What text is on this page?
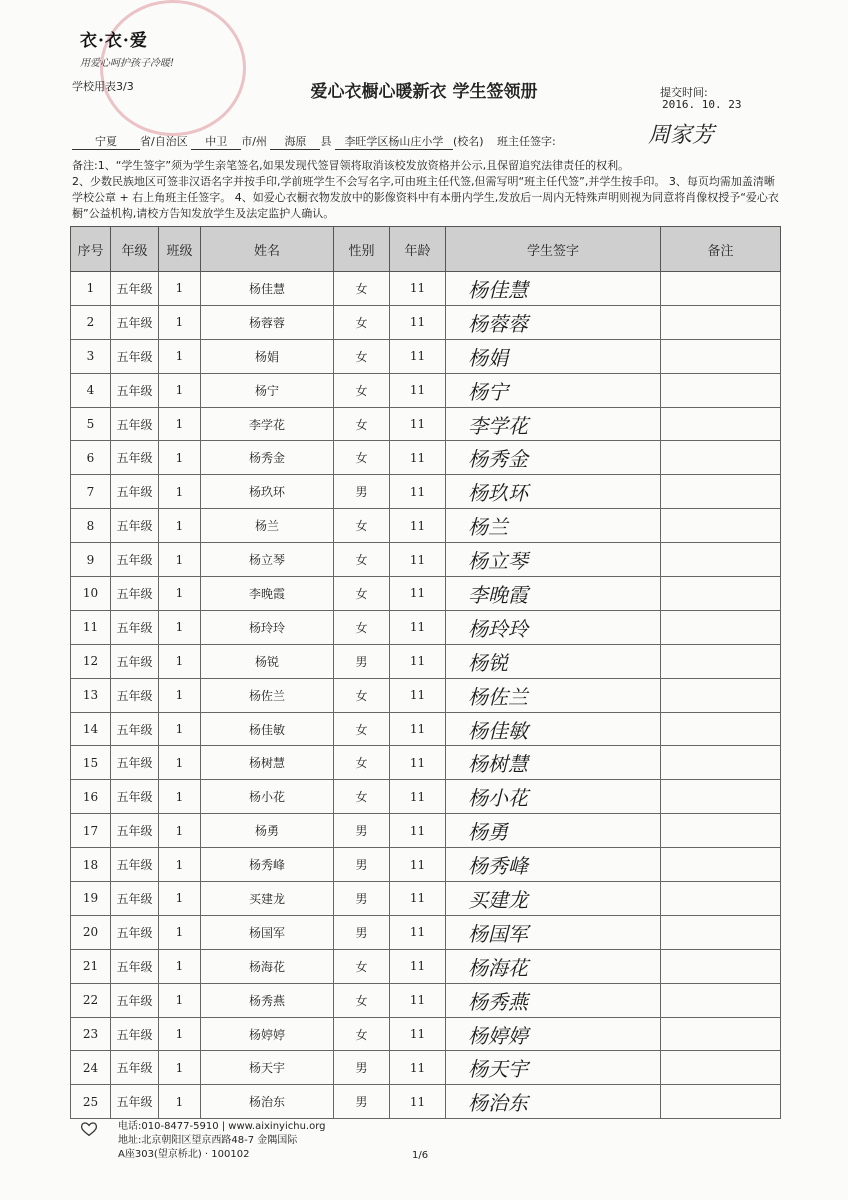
衣·衣·爱
用爱心呵护孩子冷暖!
学校用表3/3	爱心衣橱心暖新衣 学生签领册	提交时间:
2016. 10. 23
宁夏 省/自治区 中卫 市/州 海原 县 李旺学区杨山庄小学 (校名) 班主任签字:	周家芳
备注:1、“学生签字”须为学生亲笔签名,如果发现代签冒领将取消该校发放资格并公示,且保留追究法律责任的权利。
2、少数民族地区可签非汉语名字并按手印,学前班学生不会写名字,可由班主任代签,但需写明“班主任代签”,并学生按手印。 3、每页均需加盖清晰学校公章 + 右上角班主任签字。 4、如爱心衣橱衣物发放中的影像资料中有本册内学生,发放后一周内无特殊声明则视为同意将肖像权授予“爱心衣橱”公益机构,请校方告知发放学生及法定监护人确认。
序号	年级	班级	姓名	性别	年龄	学生签字	备注
1	五年级	1	杨佳慧	女	11	杨佳慧	
2	五年级	1	杨蓉蓉	女	11	杨蓉蓉	
3	五年级	1	杨娟	女	11	杨娟	
4	五年级	1	杨宁	女	11	杨宁	
5	五年级	1	李学花	女	11	李学花	
6	五年级	1	杨秀金	女	11	杨秀金	
7	五年级	1	杨玖环	男	11	杨玖环	
8	五年级	1	杨兰	女	11	杨兰	
9	五年级	1	杨立琴	女	11	杨立琴	
10	五年级	1	李晚霞	女	11	李晚霞	
11	五年级	1	杨玲玲	女	11	杨玲玲	
12	五年级	1	杨锐	男	11	杨锐	
13	五年级	1	杨佐兰	女	11	杨佐兰	
14	五年级	1	杨佳敏	女	11	杨佳敏	
15	五年级	1	杨树慧	女	11	杨树慧	
16	五年级	1	杨小花	女	11	杨小花	
17	五年级	1	杨勇	男	11	杨勇	
18	五年级	1	杨秀峰	男	11	杨秀峰	
19	五年级	1	买建龙	男	11	买建龙	
20	五年级	1	杨国军	男	11	杨国军	
21	五年级	1	杨海花	女	11	杨海花	
22	五年级	1	杨秀燕	女	11	杨秀燕	
23	五年级	1	杨婷婷	女	11	杨婷婷	
24	五年级	1	杨天宇	男	11	杨天宇	
25	五年级	1	杨治东	男	11	杨治东	
电话:010-8477-5910 | www.aixinyichu.org
地址:北京朝阳区望京西路48-7 金隅国际
A座303(望京桥北) · 100102	1/6
